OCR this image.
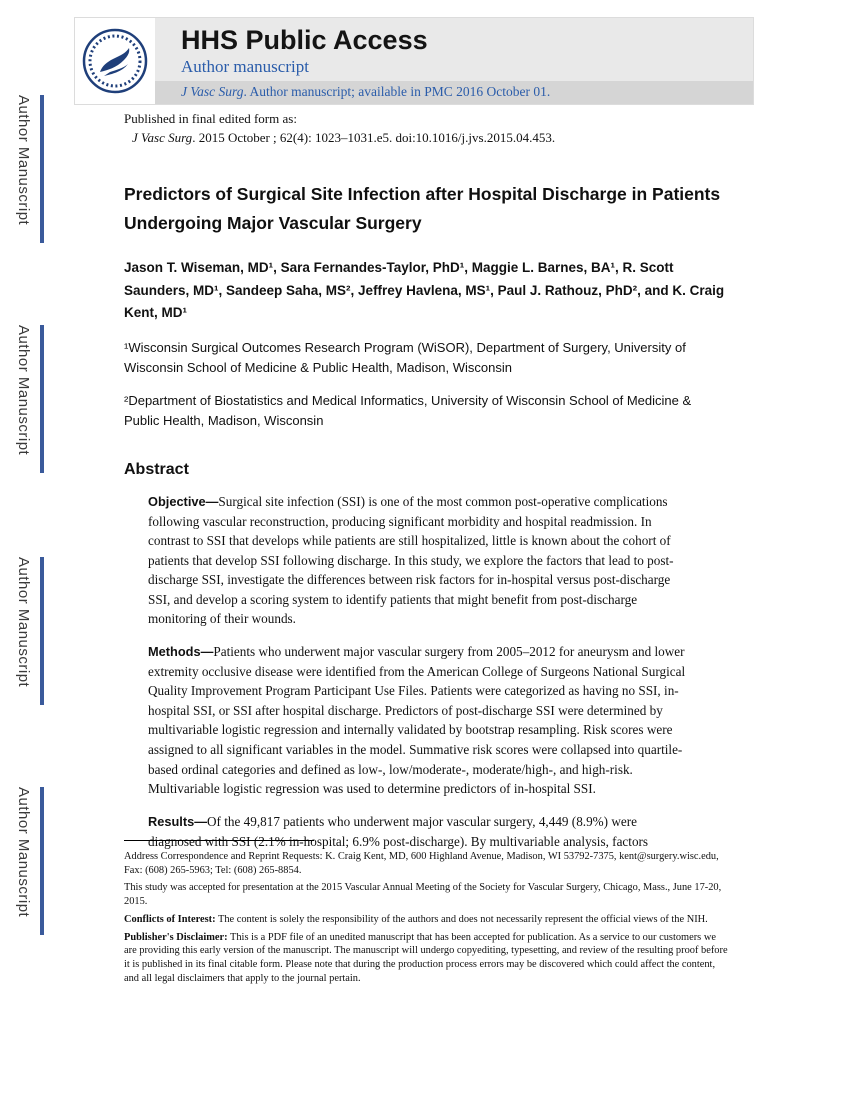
Author Manuscript
Author Manuscript
Author Manuscript
Author Manuscript
HHS Public Access
Author manuscript
J Vasc Surg. Author manuscript; available in PMC 2016 October 01.
Published in final edited form as:
J Vasc Surg. 2015 October ; 62(4): 1023–1031.e5. doi:10.1016/j.jvs.2015.04.453.
Predictors of Surgical Site Infection after Hospital Discharge in Patients Undergoing Major Vascular Surgery
Jason T. Wiseman, MD¹, Sara Fernandes-Taylor, PhD¹, Maggie L. Barnes, BA¹, R. Scott Saunders, MD¹, Sandeep Saha, MS², Jeffrey Havlena, MS¹, Paul J. Rathouz, PhD², and K. Craig Kent, MD¹
¹Wisconsin Surgical Outcomes Research Program (WiSOR), Department of Surgery, University of Wisconsin School of Medicine & Public Health, Madison, Wisconsin
²Department of Biostatistics and Medical Informatics, University of Wisconsin School of Medicine & Public Health, Madison, Wisconsin
Abstract
Objective—Surgical site infection (SSI) is one of the most common post-operative complications following vascular reconstruction, producing significant morbidity and hospital readmission. In contrast to SSI that develops while patients are still hospitalized, little is known about the cohort of patients that develop SSI following discharge. In this study, we explore the factors that lead to post-discharge SSI, investigate the differences between risk factors for in-hospital versus post-discharge SSI, and develop a scoring system to identify patients that might benefit from post-discharge monitoring of their wounds.
Methods—Patients who underwent major vascular surgery from 2005–2012 for aneurysm and lower extremity occlusive disease were identified from the American College of Surgeons National Surgical Quality Improvement Program Participant Use Files. Patients were categorized as having no SSI, in-hospital SSI, or SSI after hospital discharge. Predictors of post-discharge SSI were determined by multivariable logistic regression and internally validated by bootstrap resampling. Risk scores were assigned to all significant variables in the model. Summative risk scores were collapsed into quartile-based ordinal categories and defined as low-, low/moderate-, moderate/high-, and high-risk. Multivariable logistic regression was used to determine predictors of in-hospital SSI.
Results—Of the 49,817 patients who underwent major vascular surgery, 4,449 (8.9%) were diagnosed with SSI (2.1% in-hospital; 6.9% post-discharge). By multivariable analysis, factors

Address Correspondence and Reprint Requests: K. Craig Kent, MD, 600 Highland Avenue, Madison, WI 53792-7375, kent@surgery.wisc.edu, Fax: (608) 265-5963; Tel: (608) 265-8854.

This study was accepted for presentation at the 2015 Vascular Annual Meeting of the Society for Vascular Surgery, Chicago, Mass., June 17-20, 2015.

Conflicts of Interest: The content is solely the responsibility of the authors and does not necessarily represent the official views of the NIH.

Publisher's Disclaimer: This is a PDF file of an unedited manuscript that has been accepted for publication. As a service to our customers we are providing this early version of the manuscript. The manuscript will undergo copyediting, typesetting, and review of the resulting proof before it is published in its final citable form. Please note that during the production process errors may be discovered which could affect the content, and all legal disclaimers that apply to the journal pertain.
